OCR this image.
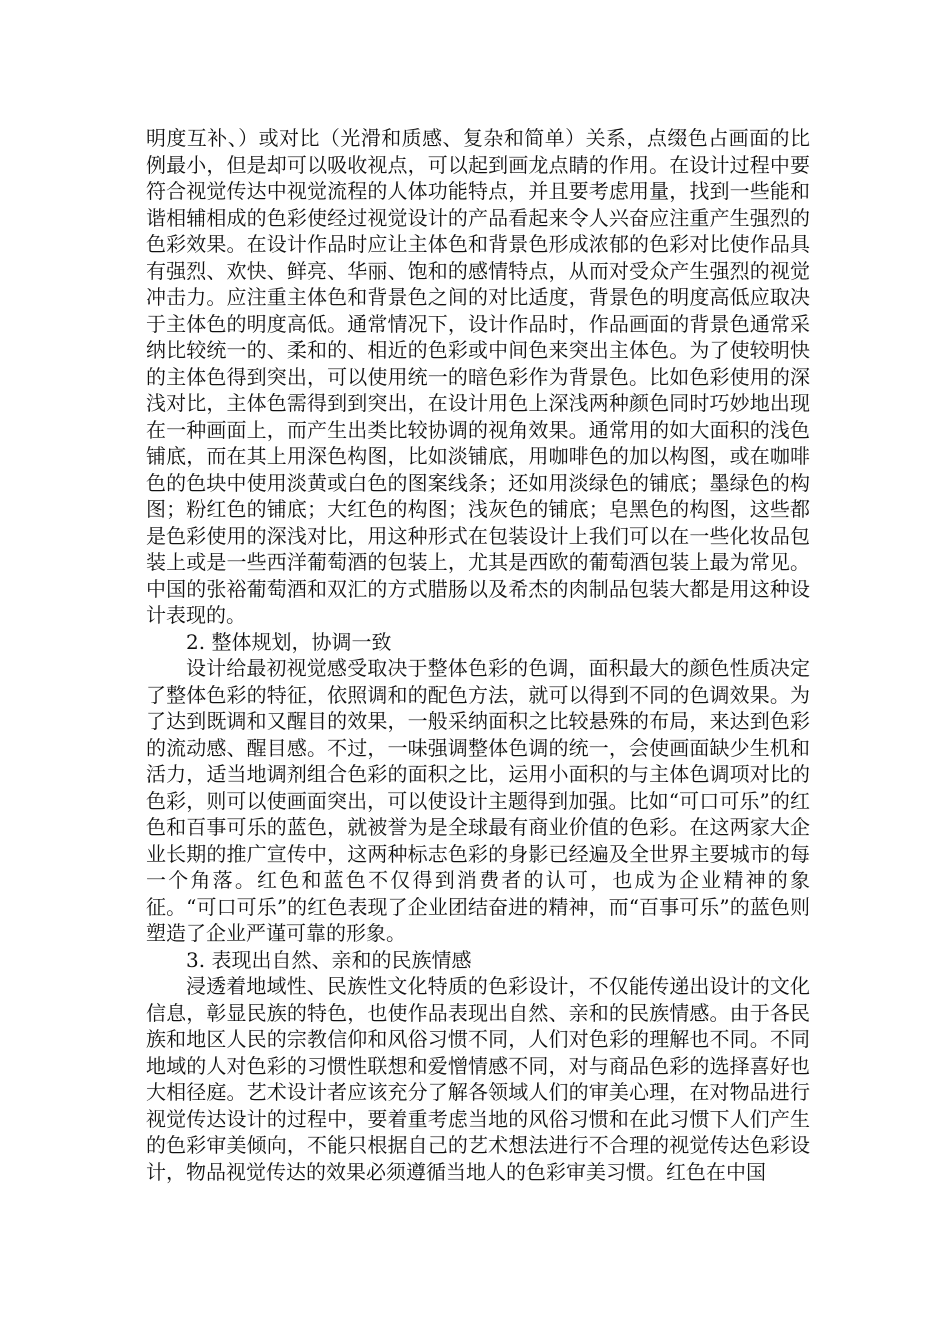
明度互补、）或对比（光滑和质感、复杂和简单）关系，点缀色占画面的比例最小，但是却可以吸收视点，可以起到画龙点睛的作用。在设计过程中要符合视觉传达中视觉流程的人体功能特点，并且要考虑用量，找到一些能和谐相辅相成的色彩使经过视觉设计的产品看起来令人兴奋应注重产生强烈的色彩效果。在设计作品时应让主体色和背景色形成浓郁的色彩对比使作品具有强烈、欢快、鲜亮、华丽、饱和的感情特点，从而对受众产生强烈的视觉冲击力。应注重主体色和背景色之间的对比适度，背景色的明度高低应取决于主体色的明度高低。通常情况下，设计作品时，作品画面的背景色通常采纳比较统一的、柔和的、相近的色彩或中间色来突出主体色。为了使较明快的主体色得到突出，可以使用统一的暗色彩作为背景色。比如色彩使用的深浅对比，主体色需得到到突出，在设计用色上深浅两种颜色同时巧妙地出现在一种画面上，而产生出类比较协调的视角效果。通常用的如大面积的浅色铺底，而在其上用深色构图，比如淡铺底，用咖啡色的加以构图，或在咖啡色的色块中使用淡黄或白色的图案线条；还如用淡绿色的铺底；墨绿色的构图；粉红色的铺底；大红色的构图；浅灰色的铺底；皂黑色的构图，这些都是色彩使用的深浅对比，用这种形式在包装设计上我们可以在一些化妆品包装上或是一些西洋葡萄酒的包装上，尤其是西欧的葡萄酒包装上最为常见。中国的张裕葡萄酒和双汇的方式腊肠以及希杰的肉制品包装大都是用这种设计表现的。

2. 整体规划，协调一致

设计给最初视觉感受取决于整体色彩的色调，面积最大的颜色性质决定了整体色彩的特征，依照调和的配色方法，就可以得到不同的色调效果。为了达到既调和又醒目的效果，一般采纳面积之比较悬殊的布局，来达到色彩的流动感、醒目感。不过，一味强调整体色调的统一，会使画面缺少生机和活力，适当地调剂组合色彩的面积之比，运用小面积的与主体色调项对比的色彩，则可以使画面突出，可以使设计主题得到加强。比如“可口可乐”的红色和百事可乐的蓝色，就被誉为是全球最有商业价值的色彩。在这两家大企业长期的推广宣传中，这两种标志色彩的身影已经遍及全世界主要城市的每一个角落。红色和蓝色不仅得到消费者的认可，也成为企业精神的象征。“可口可乐”的红色表现了企业团结奋进的精神，而“百事可乐”的蓝色则塑造了企业严谨可靠的形象。

3. 表现出自然、亲和的民族情感

浸透着地域性、民族性文化特质的色彩设计，不仅能传递出设计的文化信息，彰显民族的特色，也使作品表现出自然、亲和的民族情感。由于各民族和地区人民的宗教信仰和风俗习惯不同，人们对色彩的理解也不同。不同地域的人对色彩的习惯性联想和爱憎情感不同，对与商品色彩的选择喜好也大相径庭。艺术设计者应该充分了解各领域人们的审美心理，在对物品进行视觉传达设计的过程中，要着重考虑当地的风俗习惯和在此习惯下人们产生的色彩审美倾向，不能只根据自己的艺术想法进行不合理的视觉传达色彩设计，物品视觉传达的效果必须遵循当地人的色彩审美习惯。红色在中国
